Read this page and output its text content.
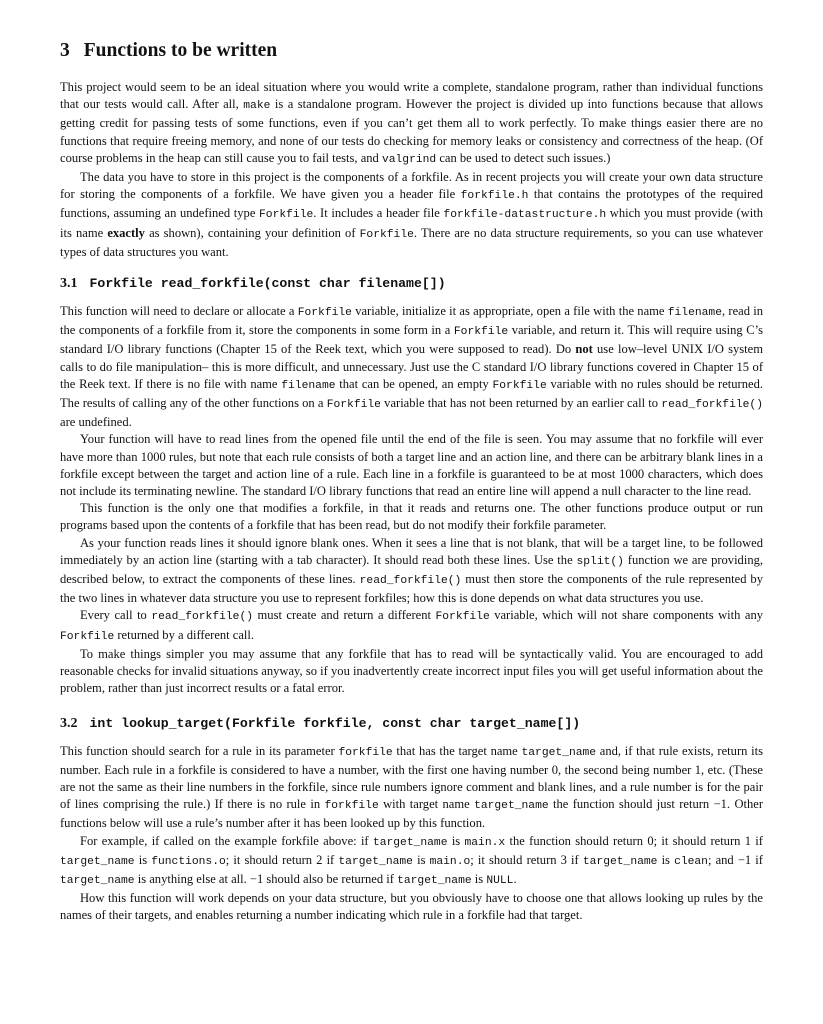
3 Functions to be written

This project would seem to be an ideal situation where you would write a complete, standalone program, rather than individual functions that our tests would call. After all, make is a standalone program. However the project is divided up into functions because that allows getting credit for passing tests of some functions, even if you can’t get them all to work perfectly. To make things easier there are no functions that require freeing memory, and none of our tests do checking for memory leaks or consistency and correctness of the heap. (Of course problems in the heap can still cause you to fail tests, and valgrind can be used to detect such issues.)

The data you have to store in this project is the components of a forkfile. As in recent projects you will create your own data structure for storing the components of a forkfile. We have given you a header file forkfile.h that contains the prototypes of the required functions, assuming an undefined type Forkfile. It includes a header file forkfile-datastructure.h which you must provide (with its name exactly as shown), containing your definition of Forkfile. There are no data structure requirements, so you can use whatever types of data structures you want.

3.1 Forkfile read_forkfile(const char filename[])

This function will need to declare or allocate a Forkfile variable, initialize it as appropriate, open a file with the name filename, read in the components of a forkfile from it, store the components in some form in a Forkfile variable, and return it. This will require using C’s standard I/O library functions (Chapter 15 of the Reek text, which you were supposed to read). Do not use low–level UNIX I/O system calls to do file manipulation– this is more difficult, and unnecessary. Just use the C standard I/O library functions covered in Chapter 15 of the Reek text. If there is no file with name filename that can be opened, an empty Forkfile variable with no rules should be returned. The results of calling any of the other functions on a Forkfile variable that has not been returned by an earlier call to read_forkfile() are undefined.

Your function will have to read lines from the opened file until the end of the file is seen. You may assume that no forkfile will ever have more than 1000 rules, but note that each rule consists of both a target line and an action line, and there can be arbitrary blank lines in a forkfile except between the target and action line of a rule. Each line in a forkfile is guaranteed to be at most 1000 characters, which does not include its terminating newline. The standard I/O library functions that read an entire line will append a null character to the line read.

This function is the only one that modifies a forkfile, in that it reads and returns one. The other functions produce output or run programs based upon the contents of a forkfile that has been read, but do not modify their forkfile parameter.

As your function reads lines it should ignore blank ones. When it sees a line that is not blank, that will be a target line, to be followed immediately by an action line (starting with a tab character). It should read both these lines. Use the split() function we are providing, described below, to extract the components of these lines. read_forkfile() must then store the components of the rule represented by the two lines in whatever data structure you use to represent forkfiles; how this is done depends on what data structures you use.

Every call to read_forkfile() must create and return a different Forkfile variable, which will not share components with any Forkfile returned by a different call.

To make things simpler you may assume that any forkfile that has to read will be syntactically valid. You are encouraged to add reasonable checks for invalid situations anyway, so if you inadvertently create incorrect input files you will get useful information about the problem, rather than just incorrect results or a fatal error.

3.2 int lookup_target(Forkfile forkfile, const char target_name[])

This function should search for a rule in its parameter forkfile that has the target name target_name and, if that rule exists, return its number. Each rule in a forkfile is considered to have a number, with the first one having number 0, the second being number 1, etc. (These are not the same as their line numbers in the forkfile, since rule numbers ignore comment and blank lines, and a rule number is for the pair of lines comprising the rule.) If there is no rule in forkfile with target name target_name the function should just return −1. Other functions below will use a rule’s number after it has been looked up by this function.

For example, if called on the example forkfile above: if target_name is main.x the function should return 0; it should return 1 if target_name is functions.o; it should return 2 if target_name is main.o; it should return 3 if target_name is clean; and −1 if target_name is anything else at all. −1 should also be returned if target_name is NULL.

How this function will work depends on your data structure, but you obviously have to choose one that allows looking up rules by the names of their targets, and enables returning a number indicating which rule in a forkfile had that target.
